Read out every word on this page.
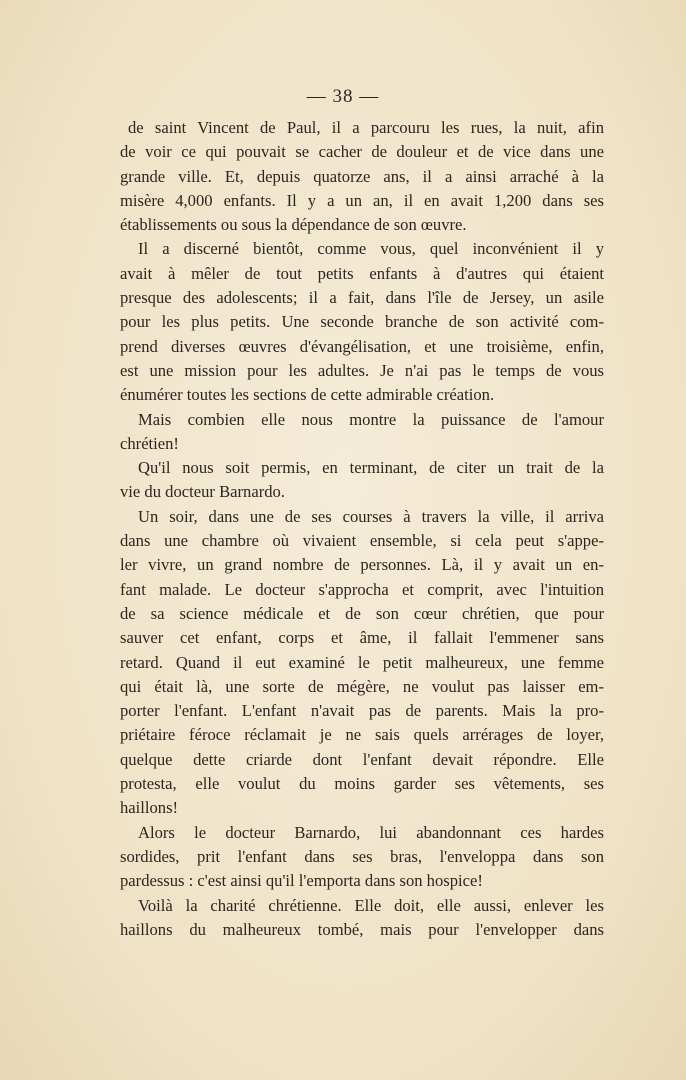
— 38 —
de saint Vincent de Paul, il a parcouru les rues, la nuit, afin
de voir ce qui pouvait se cacher de douleur et de vice dans une
grande ville. Et, depuis quatorze ans, il a ainsi arraché à la
misère 4,000 enfants. Il y a un an, il en avait 1,200 dans ses
établissements ou sous la dépendance de son œuvre.
Il a discerné bientôt, comme vous, quel inconvénient il y
avait à mêler de tout petits enfants à d'autres qui étaient
presque des adolescents; il a fait, dans l'île de Jersey, un asile
pour les plus petits. Une seconde branche de son activité com-
prend diverses œuvres d'évangélisation, et une troisième, enfin,
est une mission pour les adultes. Je n'ai pas le temps de vous
énumérer toutes les sections de cette admirable création.
Mais combien elle nous montre la puissance de l'amour
chrétien!
Qu'il nous soit permis, en terminant, de citer un trait de la
vie du docteur Barnardo.
Un soir, dans une de ses courses à travers la ville, il arriva
dans une chambre où vivaient ensemble, si cela peut s'appe-
ler vivre, un grand nombre de personnes. Là, il y avait un en-
fant malade. Le docteur s'approcha et comprit, avec l'intuition
de sa science médicale et de son cœur chrétien, que pour
sauver cet enfant, corps et âme, il fallait l'emmener sans
retard. Quand il eut examiné le petit malheureux, une femme
qui était là, une sorte de mégère, ne voulut pas laisser em-
porter l'enfant. L'enfant n'avait pas de parents. Mais la pro-
priétaire féroce réclamait je ne sais quels arrérages de loyer,
quelque dette criarde dont l'enfant devait répondre. Elle
protesta, elle voulut du moins garder ses vêtements, ses
haillons!
Alors le docteur Barnardo, lui abandonnant ces hardes
sordides, prit l'enfant dans ses bras, l'enveloppa dans son
pardessus : c'est ainsi qu'il l'emporta dans son hospice!
Voilà la charité chrétienne. Elle doit, elle aussi, enlever les
haillons du malheureux tombé, mais pour l'envelopper dans
